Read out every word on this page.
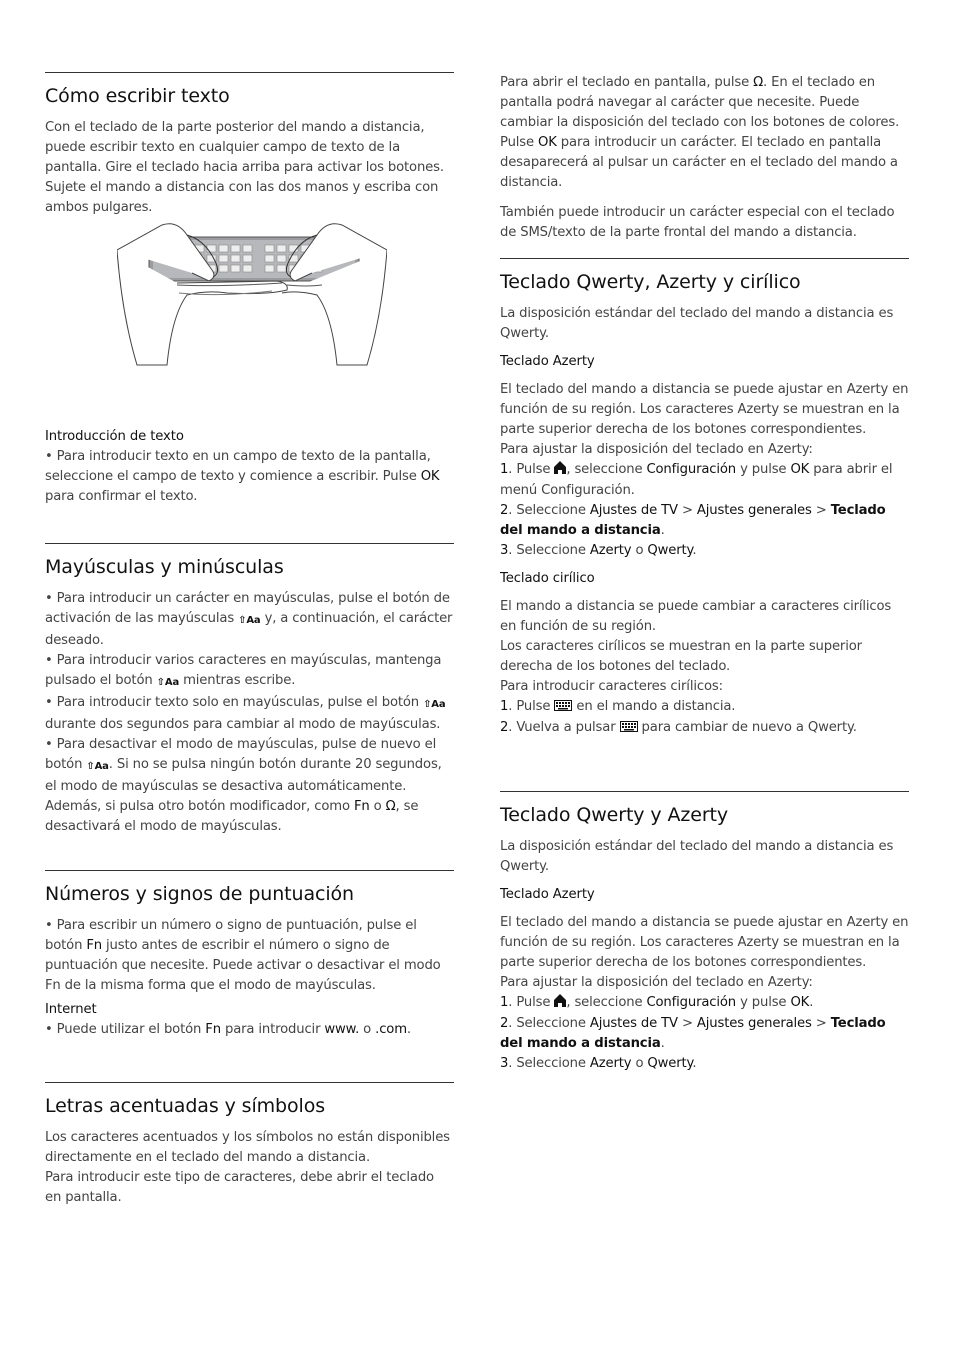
Cómo escribir texto

Con el teclado de la parte posterior del mando a distancia, puede escribir texto en cualquier campo de texto de la pantalla. Gire el teclado hacia arriba para activar los botones. Sujete el mando a distancia con las dos manos y escriba con ambos pulgares.

Introducción de texto

• Para introducir texto en un campo de texto de la pantalla, seleccione el campo de texto y comience a escribir. Pulse OK para confirmar el texto.

Mayúsculas y minúsculas

• Para introducir un carácter en mayúsculas, pulse el botón de activación de las mayúsculas ⇧Aa y, a continuación, el carácter deseado.

• Para introducir varios caracteres en mayúsculas, mantenga pulsado el botón ⇧Aa mientras escribe.

• Para introducir texto solo en mayúsculas, pulse el botón ⇧Aa
durante dos segundos para cambiar al modo de mayúsculas.

• Para desactivar el modo de mayúsculas, pulse de nuevo el botón ⇧Aa. Si no se pulsa ningún botón durante 20 segundos, el modo de mayúsculas se desactiva automáticamente. Además, si pulsa otro botón modificador, como Fn o Ω, se desactivará el modo de mayúsculas.

Números y signos de puntuación

• Para escribir un número o signo de puntuación, pulse el botón Fn justo antes de escribir el número o signo de puntuación que necesite. Puede activar o desactivar el modo Fn de la misma forma que el modo de mayúsculas.

Internet

• Puede utilizar el botón Fn para introducir www. o .com.

Letras acentuadas y símbolos

Los caracteres acentuados y los símbolos no están disponibles directamente en el teclado del mando a distancia.

Para introducir este tipo de caracteres, debe abrir el teclado en pantalla.

Para abrir el teclado en pantalla, pulse Ω. En el teclado en pantalla podrá navegar al carácter que necesite. Puede cambiar la disposición del teclado con los botones de colores. Pulse OK para introducir un carácter. El teclado en pantalla desaparecerá al pulsar un carácter en el teclado del mando a distancia.

También puede introducir un carácter especial con el teclado de SMS/texto de la parte frontal del mando a distancia.

Teclado Qwerty, Azerty y cirílico

La disposición estándar del teclado del mando a distancia es Qwerty.

Teclado Azerty

El teclado del mando a distancia se puede ajustar en Azerty en función de su región. Los caracteres Azerty se muestran en la parte superior derecha de los botones correspondientes.

Para ajustar la disposición del teclado en Azerty:

1. Pulse , seleccione Configuración y pulse OK para abrir el menú Configuración.

2. Seleccione Ajustes de TV > Ajustes generales > Teclado del mando a distancia.

3. Seleccione Azerty o Qwerty.

Teclado cirílico

El mando a distancia se puede cambiar a caracteres cirílicos en función de su región.

Los caracteres cirílicos se muestran en la parte superior derecha de los botones del teclado.

Para introducir caracteres cirílicos:

1. Pulse  en el mando a distancia.

2. Vuelva a pulsar  para cambiar de nuevo a Qwerty.

Teclado Qwerty y Azerty

La disposición estándar del teclado del mando a distancia es Qwerty.

Teclado Azerty

El teclado del mando a distancia se puede ajustar en Azerty en función de su región. Los caracteres Azerty se muestran en la parte superior derecha de los botones correspondientes.

Para ajustar la disposición del teclado en Azerty:

1. Pulse , seleccione Configuración y pulse OK.

2. Seleccione Ajustes de TV > Ajustes generales > Teclado del mando a distancia.

3. Seleccione Azerty o Qwerty.
